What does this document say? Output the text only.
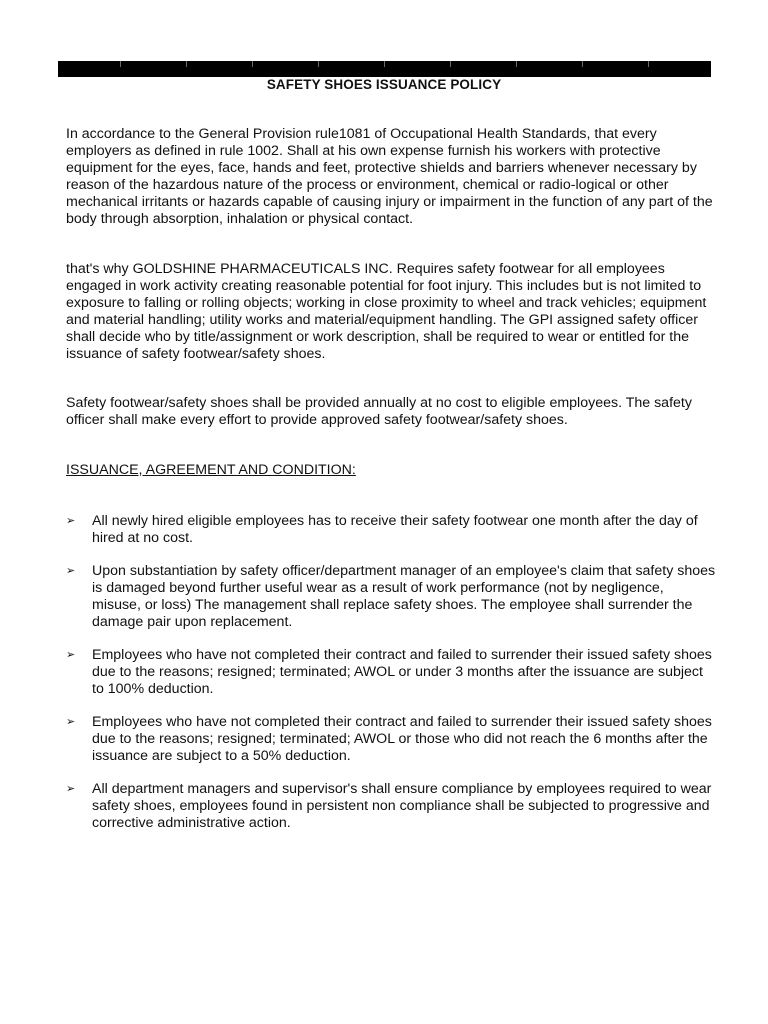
SAFETY SHOES ISSUANCE POLICY

In accordance to the General Provision rule1081 of Occupational Health Standards, that every employers as defined in rule 1002. Shall at his own expense furnish his workers with protective equipment for the eyes, face, hands and feet, protective shields and barriers whenever necessary by reason of the hazardous nature of the process or environment, chemical or radio-logical or other mechanical irritants or hazards capable of causing injury or impairment in the function of any part of the body through absorption, inhalation or physical contact.

that's why GOLDSHINE PHARMACEUTICALS INC. Requires safety footwear for all employees engaged in work activity creating reasonable potential for foot injury. This includes but is not limited to exposure to falling or rolling objects; working in close proximity to wheel and track vehicles; equipment and material handling; utility works and material/equipment handling. The GPI assigned safety officer shall decide who by title/assignment or work description, shall be required to wear or entitled for the issuance of safety footwear/safety shoes.

Safety footwear/safety shoes shall be provided annually at no cost to eligible employees. The safety officer shall make every effort to provide approved safety footwear/safety shoes.

ISSUANCE, AGREEMENT AND CONDITION:
➢	All newly hired eligible employees has to receive their safety footwear one month after the day of hired at no cost.
➢	Upon substantiation by safety officer/department manager of an employee's claim that safety shoes is damaged beyond further useful wear as a result of work performance (not by negligence, misuse, or loss) The management shall replace safety shoes. The employee shall surrender the damage pair upon replacement.
➢	Employees who have not completed their contract and failed to surrender their issued safety shoes due to the reasons; resigned; terminated; AWOL or under 3 months after the issuance are subject to 100% deduction.
➢	Employees who have not completed their contract and failed to surrender their issued safety shoes due to the reasons; resigned; terminated; AWOL or those who did not reach the 6 months after the issuance are subject to a 50% deduction.
➢	All department managers and supervisor's shall ensure compliance by employees required to wear safety shoes, employees found in persistent non compliance shall be subjected to progressive and corrective administrative action.
